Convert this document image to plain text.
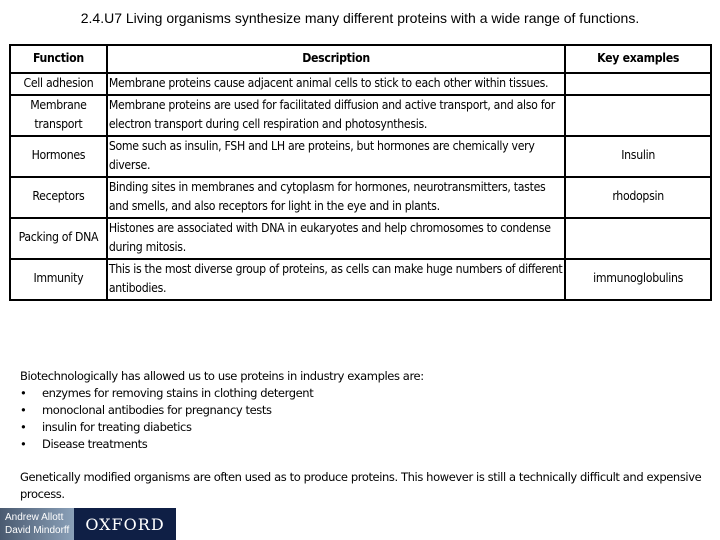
2.4.U7 Living organisms synthesize many different proteins with a wide range of functions.
Function	Description	Key examples
Cell adhesion	Membrane proteins cause adjacent animal cells to stick to each other within tissues.	
Membrane transport	Membrane proteins are used for facilitated diffusion and active transport, and also for electron transport during cell respiration and photosynthesis.	
Hormones	Some such as insulin, FSH and LH are proteins, but hormones are chemically very diverse.	Insulin
Receptors	Binding sites in membranes and cytoplasm for hormones, neurotransmitters, tastes and smells, and also receptors for light in the eye and in plants.	rhodopsin
Packing of DNA	Histones are associated with DNA in eukaryotes and help chromosomes to condense during mitosis.	
Immunity	This is the most diverse group of proteins, as cells can make huge numbers of different antibodies.	immunoglobulins
Biotechnologically has allowed us to use proteins in industry examples are:
• enzymes for removing stains in clothing detergent
• monoclonal antibodies for pregnancy tests
• insulin for treating diabetics
• Disease treatments
Genetically modified organisms are often used as to produce proteins. This however is still a technically difficult and expensive process.
Andrew Allott
David Mindorff	OXFORD
